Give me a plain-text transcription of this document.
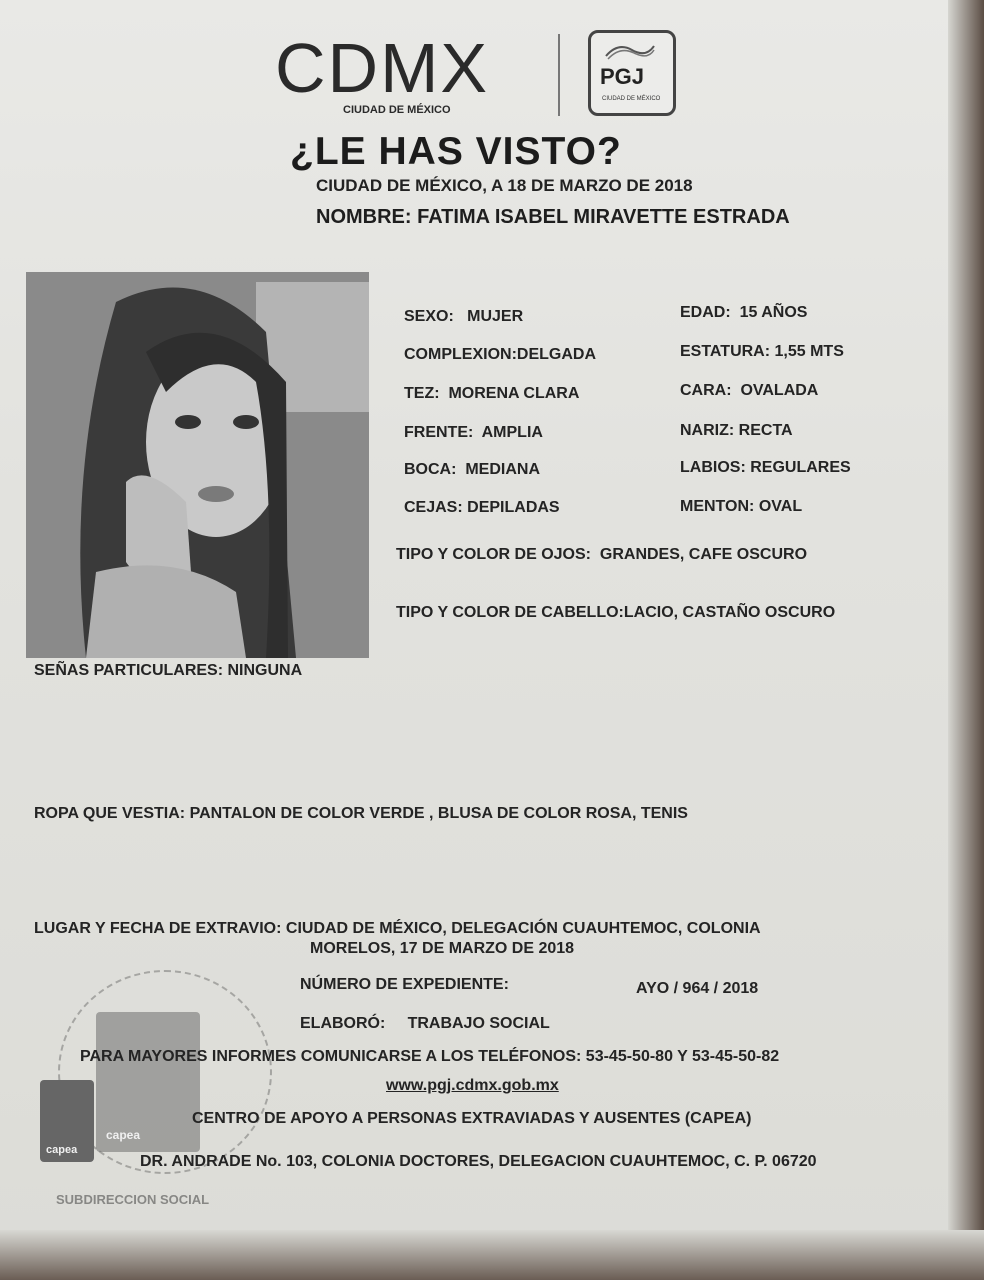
CDMX
CIUDAD DE MÉXICO
PGJ
CIUDAD DE MÉXICO
¿LE HAS VISTO?
CIUDAD DE MÉXICO, A 18 DE MARZO DE 2018
NOMBRE: FATIMA ISABEL MIRAVETTE ESTRADA
SEXO: MUJER
COMPLEXION:DELGADA
TEZ: MORENA CLARA
FRENTE: AMPLIA
BOCA: MEDIANA
CEJAS: DEPILADAS
EDAD: 15 AÑOS
ESTATURA: 1,55 MTS
CARA: OVALADA
NARIZ: RECTA
LABIOS: REGULARES
MENTON: OVAL
TIPO Y COLOR DE OJOS: GRANDES, CAFE OSCURO
TIPO Y COLOR DE CABELLO:LACIO, CASTAÑO OSCURO
SEÑAS PARTICULARES: NINGUNA
ROPA QUE VESTIA: PANTALON DE COLOR VERDE , BLUSA DE COLOR ROSA, TENIS
LUGAR Y FECHA DE EXTRAVIO: CIUDAD DE MÉXICO, DELEGACIÓN CUAUHTEMOC, COLONIA
MORELOS, 17 DE MARZO DE 2018
NÚMERO DE EXPEDIENTE:	AYO / 964 / 2018
ELABORÓ: TRABAJO SOCIAL
capea
capea
PARA MAYORES INFORMES COMUNICARSE A LOS TELÉFONOS: 53-45-50-80 Y 53-45-50-82
www.pgj.cdmx.gob.mx
CENTRO DE APOYO A PERSONAS EXTRAVIADAS Y AUSENTES (CAPEA)
DR. ANDRADE No. 103, COLONIA DOCTORES, DELEGACION CUAUHTEMOC, C. P. 06720
SUBDIRECCION SOCIAL
